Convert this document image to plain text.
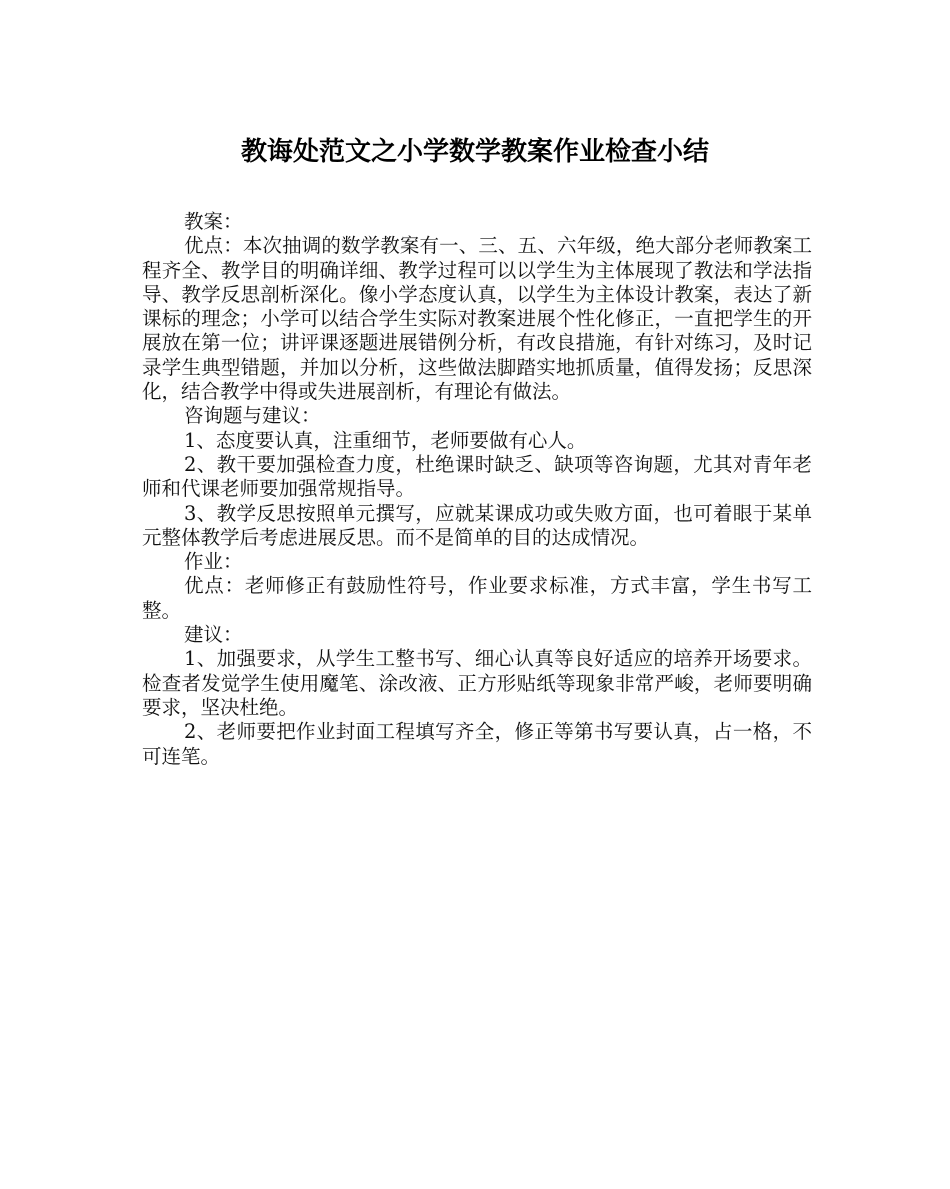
教诲处范文之小学数学教案作业检查小结

教案：

优点：本次抽调的数学教案有一、三、五、六年级，绝大部分老师教案工程齐全、教学目的明确详细、教学过程可以以学生为主体展现了教法和学法指导、教学反思剖析深化。像小学态度认真，以学生为主体设计教案，表达了新课标的理念；小学可以结合学生实际对教案进展个性化修正，一直把学生的开展放在第一位；讲评课逐题进展错例分析，有改良措施，有针对练习，及时记录学生典型错题，并加以分析，这些做法脚踏实地抓质量，值得发扬；反思深化，结合教学中得或失进展剖析，有理论有做法。

咨询题与建议：

1、态度要认真，注重细节，老师要做有心人。

2、教干要加强检查力度，杜绝课时缺乏、缺项等咨询题，尤其对青年老师和代课老师要加强常规指导。

3、教学反思按照单元撰写，应就某课成功或失败方面，也可着眼于某单元整体教学后考虑进展反思。而不是简单的目的达成情况。

作业：

优点：老师修正有鼓励性符号，作业要求标准，方式丰富，学生书写工整。

建议：

1、加强要求，从学生工整书写、细心认真等良好适应的培养开场要求。检查者发觉学生使用魔笔、涂改液、正方形贴纸等现象非常严峻，老师要明确要求，坚决杜绝。

2、老师要把作业封面工程填写齐全，修正等第书写要认真，占一格，不可连笔。
